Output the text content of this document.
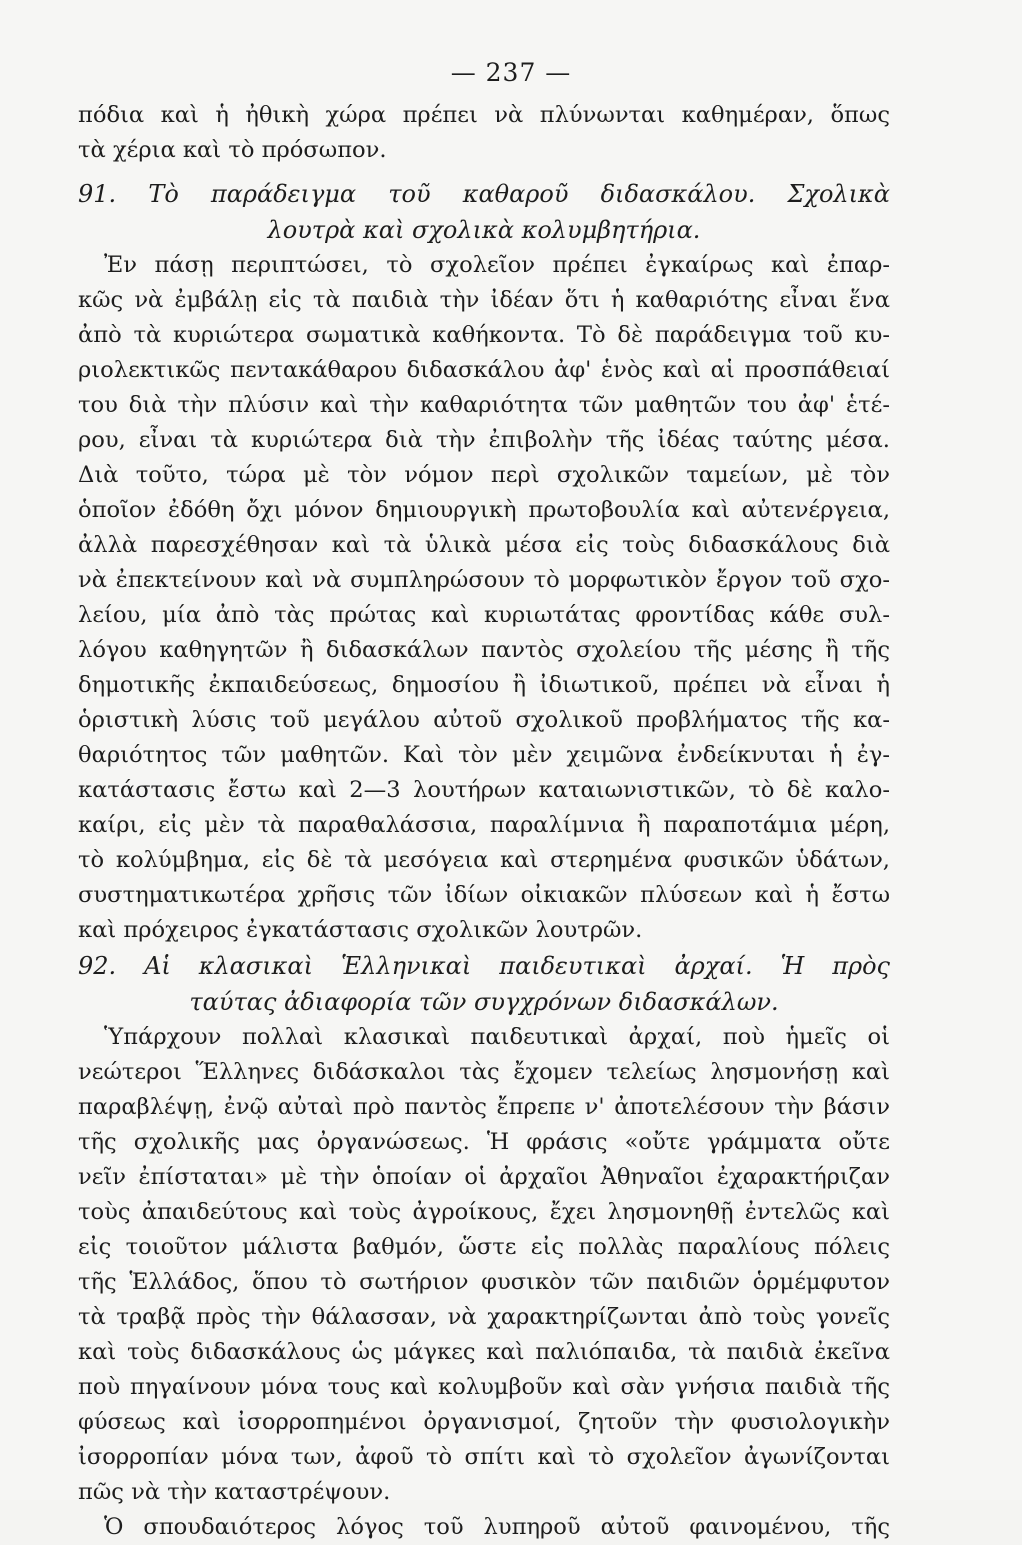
— 237 —
πόδια καὶ ἡ ἠθικὴ χώρα πρέπει νὰ πλύνωνται καθημέραν, ὅπως
τὰ χέρια καὶ τὸ πρόσωπον.
91. Τὸ παράδειγμα τοῦ καθαροῦ διδασκάλου. Σχολικὰ
λουτρὰ καὶ σχολικὰ κολυμβητήρια.
Ἐν πάσῃ περιπτώσει, τὸ σχολεῖον πρέπει ἐγκαίρως καὶ ἐπαρ-
κῶς νὰ ἐμβάλῃ εἰς τὰ παιδιὰ τὴν ἰδέαν ὅτι ἡ καθαριότης εἶναι ἕνα
ἀπὸ τὰ κυριώτερα σωματικὰ καθήκοντα. Τὸ δὲ παράδειγμα τοῦ κυ-
ριολεκτικῶς πεντακάθαρου διδασκάλου ἀφ' ἑνὸς καὶ αἱ προσπάθειαί
του διὰ τὴν πλύσιν καὶ τὴν καθαριότητα τῶν μαθητῶν του ἀφ' ἑτέ-
ρου, εἶναι τὰ κυριώτερα διὰ τὴν ἐπιβολὴν τῆς ἰδέας ταύτης μέσα.
Διὰ τοῦτο, τώρα μὲ τὸν νόμον περὶ σχολικῶν ταμείων, μὲ τὸν
ὁποῖον ἐδόθη ὄχι μόνον δημιουργικὴ πρωτοβουλία καὶ αὐτενέργεια,
ἀλλὰ παρεσχέθησαν καὶ τὰ ὑλικὰ μέσα εἰς τοὺς διδασκάλους διὰ
νὰ ἐπεκτείνουν καὶ νὰ συμπληρώσουν τὸ μορφωτικὸν ἔργον τοῦ σχο-
λείου, μία ἀπὸ τὰς πρώτας καὶ κυριωτάτας φροντίδας κάθε συλ-
λόγου καθηγητῶν ἢ διδασκάλων παντὸς σχολείου τῆς μέσης ἢ τῆς
δημοτικῆς ἐκπαιδεύσεως, δημοσίου ἢ ἰδιωτικοῦ, πρέπει νὰ εἶναι ἡ
ὁριστικὴ λύσις τοῦ μεγάλου αὐτοῦ σχολικοῦ προβλήματος τῆς κα-
θαριότητος τῶν μαθητῶν. Καὶ τὸν μὲν χειμῶνα ἐνδείκνυται ἡ ἐγ-
κατάστασις ἔστω καὶ 2—3 λουτήρων καταιωνιστικῶν, τὸ δὲ καλο-
καίρι, εἰς μὲν τὰ παραθαλάσσια, παραλίμνια ἢ παραποτάμια μέρη,
τὸ κολύμβημα, εἰς δὲ τὰ μεσόγεια καὶ στερημένα φυσικῶν ὑδάτων,
συστηματικωτέρα χρῆσις τῶν ἰδίων οἰκιακῶν πλύσεων καὶ ἡ ἔστω
καὶ πρόχειρος ἐγκατάστασις σχολικῶν λουτρῶν.
92. Αἱ κλασικαὶ Ἑλληνικαὶ παιδευτικαὶ ἀρχαί. Ἡ πρὸς
ταύτας ἀδιαφορία τῶν συγχρόνων διδασκάλων.
Ὑπάρχουν πολλαὶ κλασικαὶ παιδευτικαὶ ἀρχαί, ποὺ ἡμεῖς οἱ
νεώτεροι Ἕλληνες διδάσκαλοι τὰς ἔχομεν τελείως λησμονήσῃ καὶ
παραβλέψῃ, ἐνῷ αὐταὶ πρὸ παντὸς ἔπρεπε ν' ἀποτελέσουν τὴν βάσιν
τῆς σχολικῆς μας ὀργανώσεως. Ἡ φράσις «οὔτε γράμματα οὔτε
νεῖν ἐπίσταται» μὲ τὴν ὁποίαν οἱ ἀρχαῖοι Ἀθηναῖοι ἐχαρακτήριζαν
τοὺς ἀπαιδεύτους καὶ τοὺς ἀγροίκους, ἔχει λησμονηθῇ ἐντελῶς καὶ
εἰς τοιοῦτον μάλιστα βαθμόν, ὥστε εἰς πολλὰς παραλίους πόλεις
τῆς Ἑλλάδος, ὅπου τὸ σωτήριον φυσικὸν τῶν παιδιῶν ὁρμέμφυτον
τὰ τραβᾷ πρὸς τὴν θάλασσαν, νὰ χαρακτηρίζωνται ἀπὸ τοὺς γονεῖς
καὶ τοὺς διδασκάλους ὡς μάγκες καὶ παλιόπαιδα, τὰ παιδιὰ ἐκεῖνα
ποὺ πηγαίνουν μόνα τους καὶ κολυμβοῦν καὶ σὰν γνήσια παιδιὰ τῆς
φύσεως καὶ ἰσορροπημένοι ὀργανισμοί, ζητοῦν τὴν φυσιολογικὴν
ἰσορροπίαν μόνα των, ἀφοῦ τὸ σπίτι καὶ τὸ σχολεῖον ἀγωνίζονται
πῶς νὰ τὴν καταστρέψουν.
Ὁ σπουδαιότερος λόγος τοῦ λυπηροῦ αὐτοῦ φαινομένου, τῆς
